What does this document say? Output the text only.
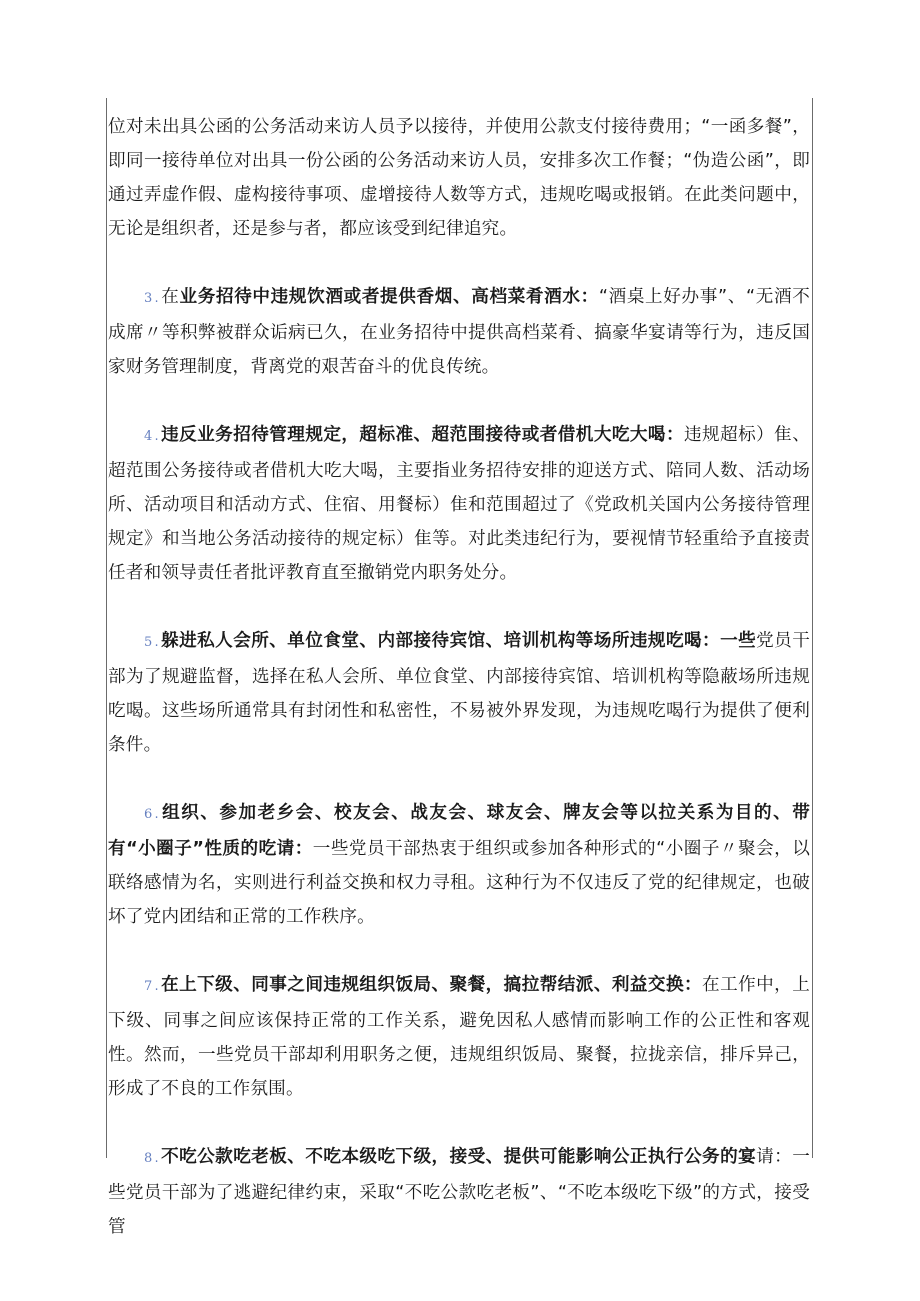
位对未出具公函的公务活动来访人员予以接待，并使用公款支付接待费用；“一函多餐”，即同一接待单位对出具一份公函的公务活动来访人员，安排多次工作餐；“伪造公函”，即通过弄虚作假、虚构接待事项、虚增接待人数等方式，违规吃喝或报销。在此类问题中，无论是组织者，还是参与者，都应该受到纪律追究。

3 . 在业务招待中违规饮酒或者提供香烟、高档菜肴酒水：“酒桌上好办事”、“无酒不成席〃等积弊被群众诟病已久，在业务招待中提供高档菜肴、搞豪华宴请等行为，违反国家财务管理制度，背离党的艰苦奋斗的优良传统。

4 . 违反业务招待管理规定，超标准、超范围接待或者借机大吃大喝：违规超标）隹、超范围公务接待或者借机大吃大喝，主要指业务招待安排的迎送方式、陪同人数、活动场所、活动项目和活动方式、住宿、用餐标）隹和范围超过了《党政机关国内公务接待管理规定》和当地公务活动接待的规定标）隹等。对此类违纪行为，要视情节轻重给予直接责任者和领导责任者批评教育直至撤销党内职务处分。

5 . 躲进私人会所、单位食堂、内部接待宾馆、培训机构等场所违规吃喝：一些党员干部为了规避监督，选择在私人会所、单位食堂、内部接待宾馆、培训机构等隐蔽场所违规吃喝。这些场所通常具有封闭性和私密性，不易被外界发现，为违规吃喝行为提供了便利条件。

6 . 组织、参加老乡会、校友会、战友会、球友会、牌友会等以拉关系为目的、带有“小圈子”性质的吃请：一些党员干部热衷于组织或参加各种形式的“小圈子〃聚会，以联络感情为名，实则进行利益交换和权力寻租。这种行为不仅违反了党的纪律规定，也破坏了党内团结和正常的工作秩序。

7 . 在上下级、同事之间违规组织饭局、聚餐，搞拉帮结派、利益交换：在工作中，上下级、同事之间应该保持正常的工作关系，避免因私人感情而影响工作的公正性和客观性。然而，一些党员干部却利用职务之便，违规组织饭局、聚餐，拉拢亲信，排斥异己，形成了不良的工作氛围。

8 . 不吃公款吃老板、不吃本级吃下级，接受、提供可能影响公正执行公务的宴请：一些党员干部为了逃避纪律约束，采取“不吃公款吃老板”、“不吃本级吃下级”的方式，接受管
